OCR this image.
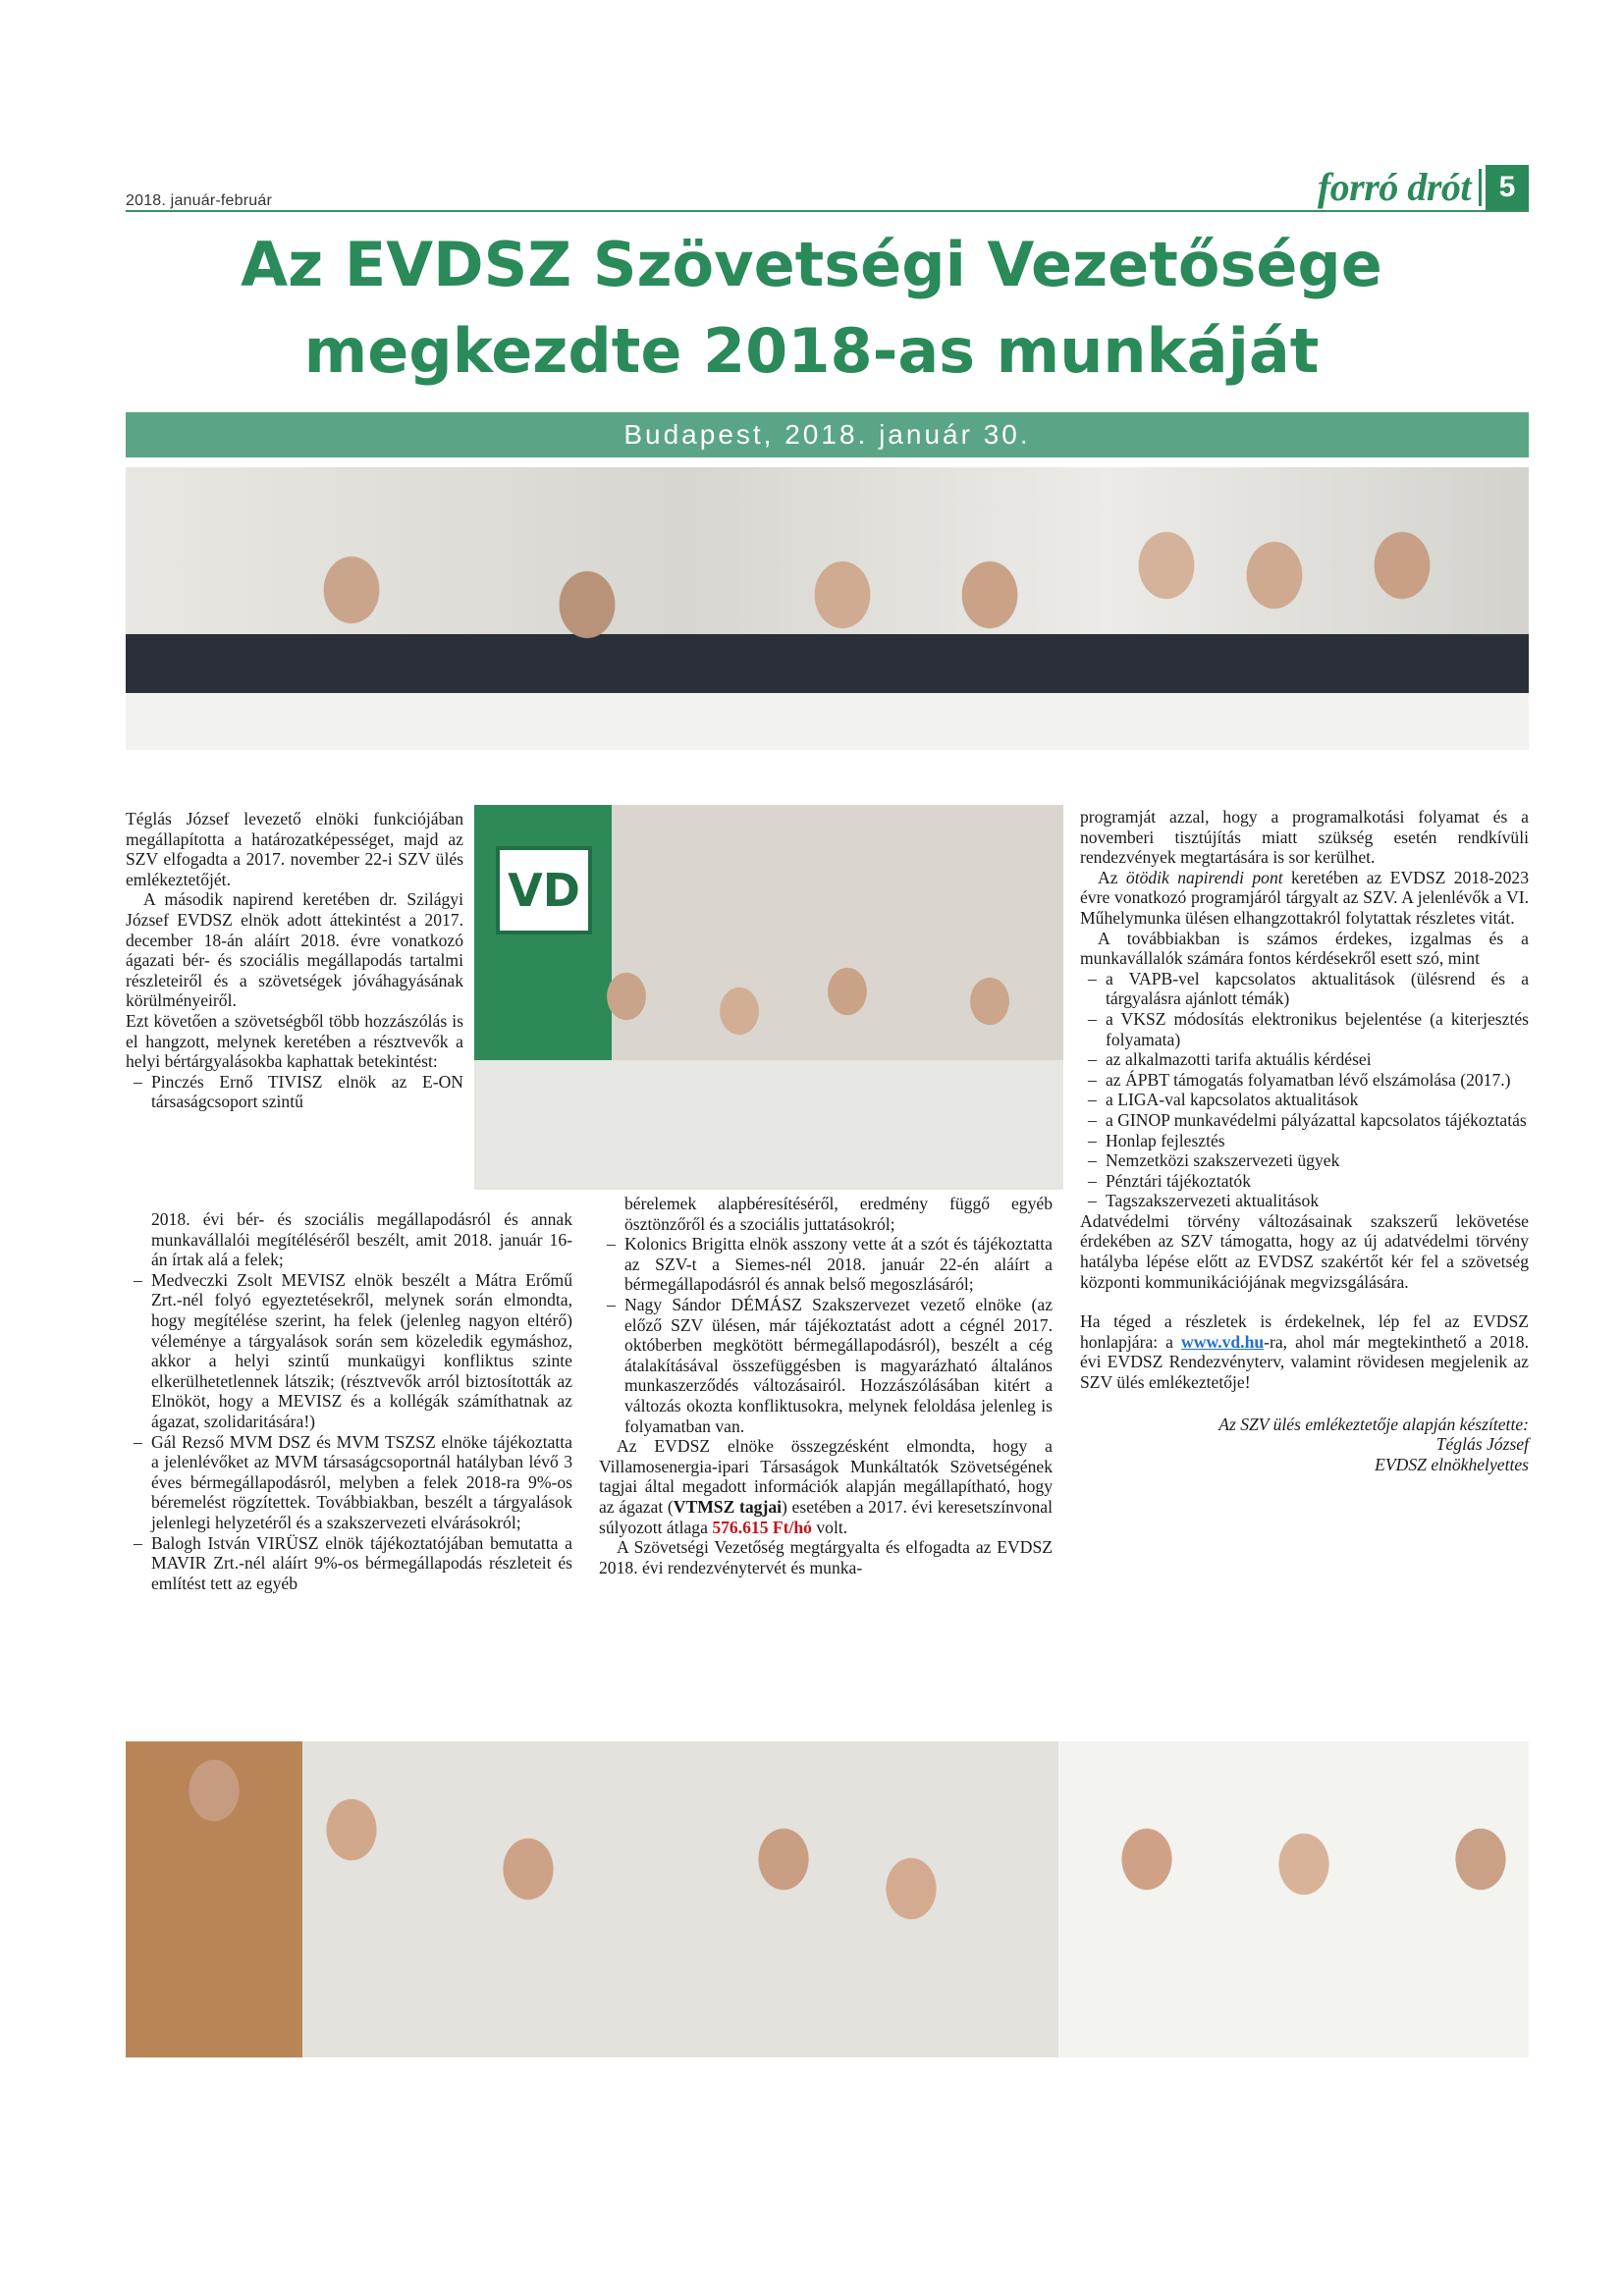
2018. január-február	forró drót 5
Az EVDSZ Szövetségi Vezetősége
megkezdte 2018-as munkáját
Budapest, 2018. január 30.
VD

Téglás József levezető elnöki funkciójában megállapította a határozatképességet, majd az SZV elfogadta a 2017. november 22-i SZV ülés emlékeztetőjét.

A második napirend keretében dr. Szilágyi József EVDSZ elnök adott áttekintést a 2017. december 18-án aláírt 2018. évre vonatkozó ágazati bér- és szociális megállapodás tartalmi részleteiről és a szövetségek jóváhagyásának körülményeiről.

Ezt követően a szövetségből több hozzászólás is el hangzott, melynek keretében a résztvevők a helyi bértárgyalásokba kaphattak betekintést:

– Pinczés Ernő TIVISZ elnök az E-ON társaságcsoport szintű
2018. évi bér- és szociális megállapodásról és annak munkavállalói megítéléséről beszélt, amit 2018. január 16-án írtak alá a felek;
– Medveczki Zsolt MEVISZ elnök beszélt a Mátra Erőmű Zrt.-nél folyó egyeztetésekről, melynek során elmondta, hogy megítélése szerint, ha felek (jelenleg nagyon eltérő) véleménye a tárgyalások során sem közeledik egymáshoz, akkor a helyi szintű munkaügyi konfliktus szinte elkerülhetetlennek látszik; (résztvevők arról biztosították az Elnököt, hogy a MEVISZ és a kollégák számíthatnak az ágazat, szolidaritására!)
– Gál Rezső MVM DSZ és MVM TSZSZ elnöke tájékoztatta a jelenlévőket az MVM társaságcsoportnál hatályban lévő 3 éves bérmegállapodásról, melyben a felek 2018-ra 9%-os béremelést rögzítettek. Továbbiakban, beszélt a tárgyalások jelenlegi helyzetéről és a szakszervezeti elvárásokról;
– Balogh István VIRÜSZ elnök tájékoztatójában bemutatta a MAVIR Zrt.-nél aláírt 9%-os bérmegállapodás részleteit és említést tett az egyéb
bérelemek alapbéresítéséről, eredmény függő egyéb ösztönzőről és a szociális juttatásokról;
– Kolonics Brigitta elnök asszony vette át a szót és tájékoztatta az SZV-t a Siemes-nél 2018. január 22-én aláírt a bérmegállapodásról és annak belső megoszlásáról;
– Nagy Sándor DÉMÁSZ Szakszervezet vezető elnöke (az előző SZV ülésen, már tájékoztatást adott a cégnél 2017. októberben megkötött bérmegállapodásról), beszélt a cég átalakításával összefüggésben is magyarázható általános munkaszerződés változásairól. Hozzászólásában kitért a változás okozta konfliktusokra, melynek feloldása jelenleg is folyamatban van.

Az EVDSZ elnöke összegzésként elmondta, hogy a Villamosenergia-ipari Társaságok Munkáltatók Szövetségének tagjai által megadott információk alapján megállapítható, hogy az ágazat (VTMSZ tagjai) esetében a 2017. évi keresetszínvonal súlyozott átlaga 576.615 Ft/hó volt.

A Szövetségi Vezetőség megtárgyalta és elfogadta az EVDSZ 2018. évi rendezvénytervét és munka-

programját azzal, hogy a programalkotási folyamat és a novemberi tisztújítás miatt szükség esetén rendkívüli rendezvények megtartására is sor kerülhet.

Az ötödik napirendi pont keretében az EVDSZ 2018-2023 évre vonatkozó programjáról tárgyalt az SZV. A jelenlévők a VI. Műhelymunka ülésen elhangzottakról folytattak részletes vitát.

A továbbiakban is számos érdekes, izgalmas és a munkavállalók számára fontos kérdésekről esett szó, mint

– a VAPB-vel kapcsolatos aktualitások (ülésrend és a tárgyalásra ajánlott témák)
– a VKSZ módosítás elektronikus bejelentése (a kiterjesztés folyamata)
– az alkalmazotti tarifa aktuális kérdései
– az ÁPBT támogatás folyamatban lévő elszámolása (2017.)
– a LIGA-val kapcsolatos aktualitások
– a GINOP munkavédelmi pályázattal kapcsolatos tájékoztatás
– Honlap fejlesztés
– Nemzetközi szakszervezeti ügyek
– Pénztári tájékoztatók
– Tagszakszervezeti aktualitások

Adatvédelmi törvény változásainak szakszerű lekövetése érdekében az SZV támogatta, hogy az új adatvédelmi törvény hatályba lépése előtt az EVDSZ szakértőt kér fel a szövetség központi kommunikációjának megvizsgálására.

Ha téged a részletek is érdekelnek, lép fel az EVDSZ honlapjára: a www.vd.hu-ra, ahol már megtekinthető a 2018. évi EVDSZ Rendezvényterv, valamint rövidesen megjelenik az SZV ülés emlékeztetője!

Az SZV ülés emlékeztetője alapján készítette:
Téglás József
EVDSZ elnökhelyettes
